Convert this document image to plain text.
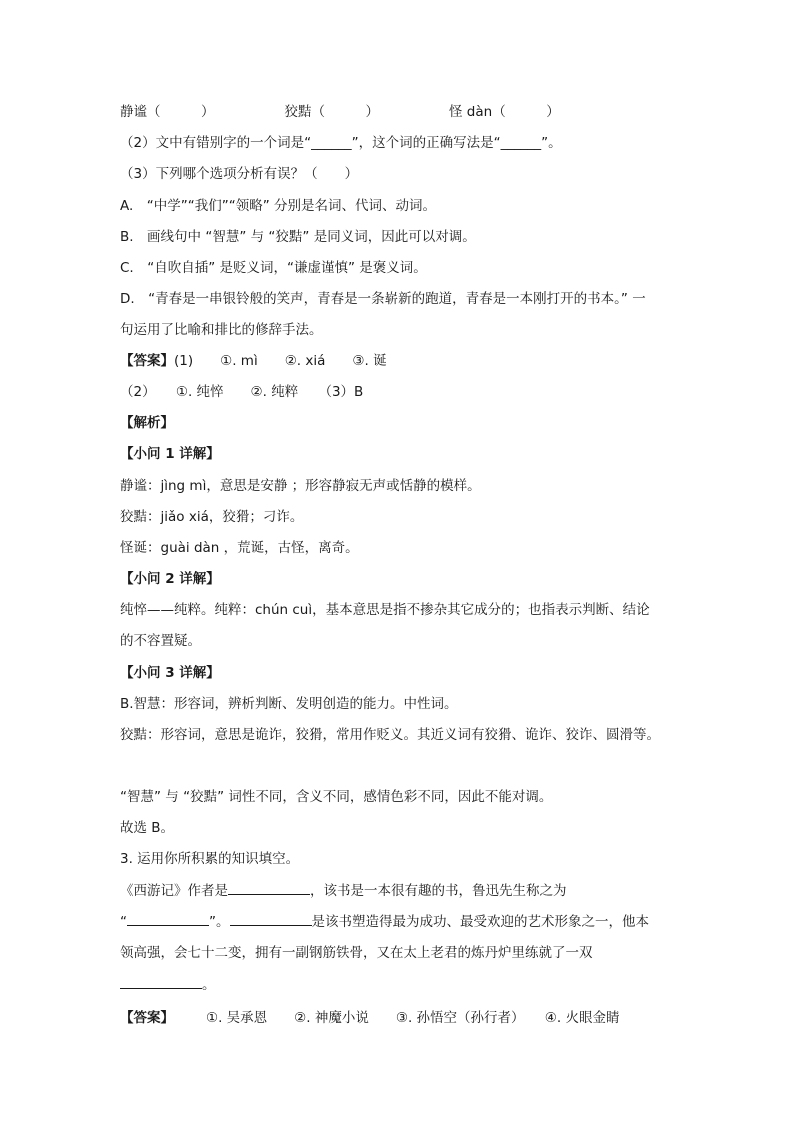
静谧（　　　）	狡黠（　　　）	怪 dàn（　　　）
（2）文中有错别字的一个词是“______”，这个词的正确写法是“______”。
（3）下列哪个选项分析有误？（　　）
A.　“中学”“我们”“领略” 分别是名词、代词、动词。
B.　画线句中 “智慧” 与 “狡黠” 是同义词，因此可以对调。
C.　“自吹自插” 是贬义词，“谦虚谨慎” 是褒义词。
D.　“青春是一串银铃般的笑声，青春是一条崭新的跑道，青春是一本刚打开的书本。” 一
句运用了比喻和排比的修辞手法。
【答案】(1)　　①. mì　　②. xiá　　③. 诞
（2）　　①. 纯悴　　②. 纯粹　　（3）B
【解析】
【小问 1 详解】
静谧：jìng mì，意思是安静 ；形容静寂无声或恬静的模样。
狡黠：jiǎo xiá，狡猾；刁诈。
怪诞：guài dàn ，荒诞，古怪，离奇。
【小问 2 详解】
纯悴——纯粹。纯粹：chún cuì，基本意思是指不掺杂其它成分的；也指表示判断、结论
的不容置疑。
【小问 3 详解】
B.智慧：形容词，辨析判断、发明创造的能力。中性词。
狡黠：形容词，意思是诡诈，狡猾，常用作贬义。其近义词有狡猾、诡诈、狡诈、圆滑等。
“智慧” 与 “狡黠” 词性不同，含义不同，感情色彩不同，因此不能对调。
故选 B。
3. 运用你所积累的知识填空。
《西游记》作者是	，该书是一本很有趣的书，鲁迅先生称之为
“	”。	是该书塑造得最为成功、最受欢迎的艺术形象之一，他本
领高强，会七十二变，拥有一副钢筋铁骨，又在太上老君的炼丹炉里练就了一双
。
【答案】 ①. 吴承恩　　②. 神魔小说　　③. 孙悟空（孙行者）　　④. 火眼金睛
